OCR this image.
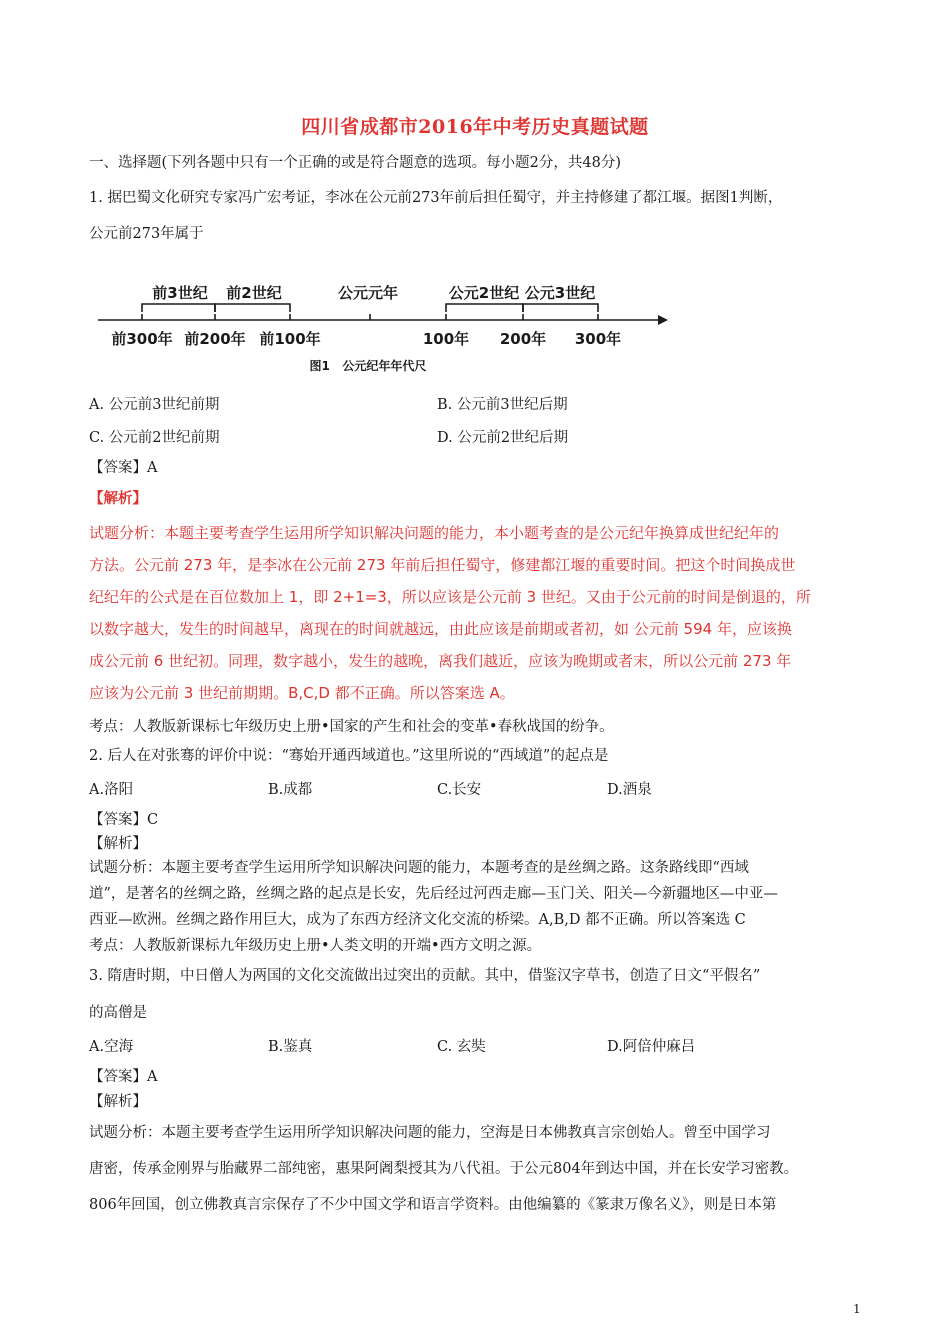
四川省成都市2016年中考历史真题试题
一、选择题(下列各题中只有一个正确的或是符合题意的选项。每小题2分，共48分)
1. 据巴蜀文化研究专家冯广宏考证，李冰在公元前273年前后担任蜀守，并主持修建了都江堰。据图1判断，
公元前273年属于
前3世纪 前2世纪	公元元年	公元2世纪 公元3世纪
前300年 前200年 前100年	100年 200年 300年
图1   公元纪年年代尺
A. 公元前3世纪前期	B. 公元前3世纪后期
C. 公元前2世纪前期	D. 公元前2世纪后期
【答案】A
【解析】
试题分析：本题主要考查学生运用所学知识解决问题的能力，本小题考查的是公元纪年换算成世纪纪年的
方法。公元前 273 年，是李冰在公元前 273 年前后担任蜀守，修建都江堰的重要时间。把这个时间换成世
纪纪年的公式是在百位数加上 1，即 2+1=3，所以应该是公元前 3 世纪。又由于公元前的时间是倒退的，所
以数字越大，发生的时间越早，离现在的时间就越远，由此应该是前期或者初，如 公元前 594 年，应该换
成公元前 6 世纪初。同理，数字越小，发生的越晚，离我们越近，应该为晚期或者末，所以公元前 273 年
应该为公元前 3 世纪前期期。B,C,D 都不正确。所以答案选 A。
考点：人教版新课标七年级历史上册•国家的产生和社会的变革•春秋战国的纷争。
2. 后人在对张骞的评价中说：“骞始开通西域道也。”这里所说的“西域道”的起点是
A.洛阳	B.成都	C.长安	D.酒泉
【答案】C
【解析】
试题分析：本题主要考查学生运用所学知识解决问题的能力，本题考查的是丝绸之路。这条路线即“西域
道”，是著名的丝绸之路，丝绸之路的起点是长安，先后经过河西走廊—玉门关、阳关—今新疆地区—中亚—
西亚—欧洲。丝绸之路作用巨大，成为了东西方经济文化交流的桥梁。A,B,D 都不正确。所以答案选 C
考点：人教版新课标九年级历史上册•人类文明的开端•西方文明之源。
3. 隋唐时期，中日僧人为两国的文化交流做出过突出的贡献。其中，借鉴汉字草书，创造了日文“平假名”
的高僧是
A.空海	B.鉴真	C. 玄奘	D.阿倍仲麻吕
【答案】A
【解析】
试题分析：本题主要考查学生运用所学知识解决问题的能力，空海是日本佛教真言宗创始人。曾至中国学习
唐密，传承金刚界与胎藏界二部纯密，惠果阿阇梨授其为八代祖。于公元804年到达中国，并在长安学习密教。
806年回国，创立佛教真言宗保存了不少中国文学和语言学资料。由他编纂的《篆隶万像名义》，则是日本第
1
